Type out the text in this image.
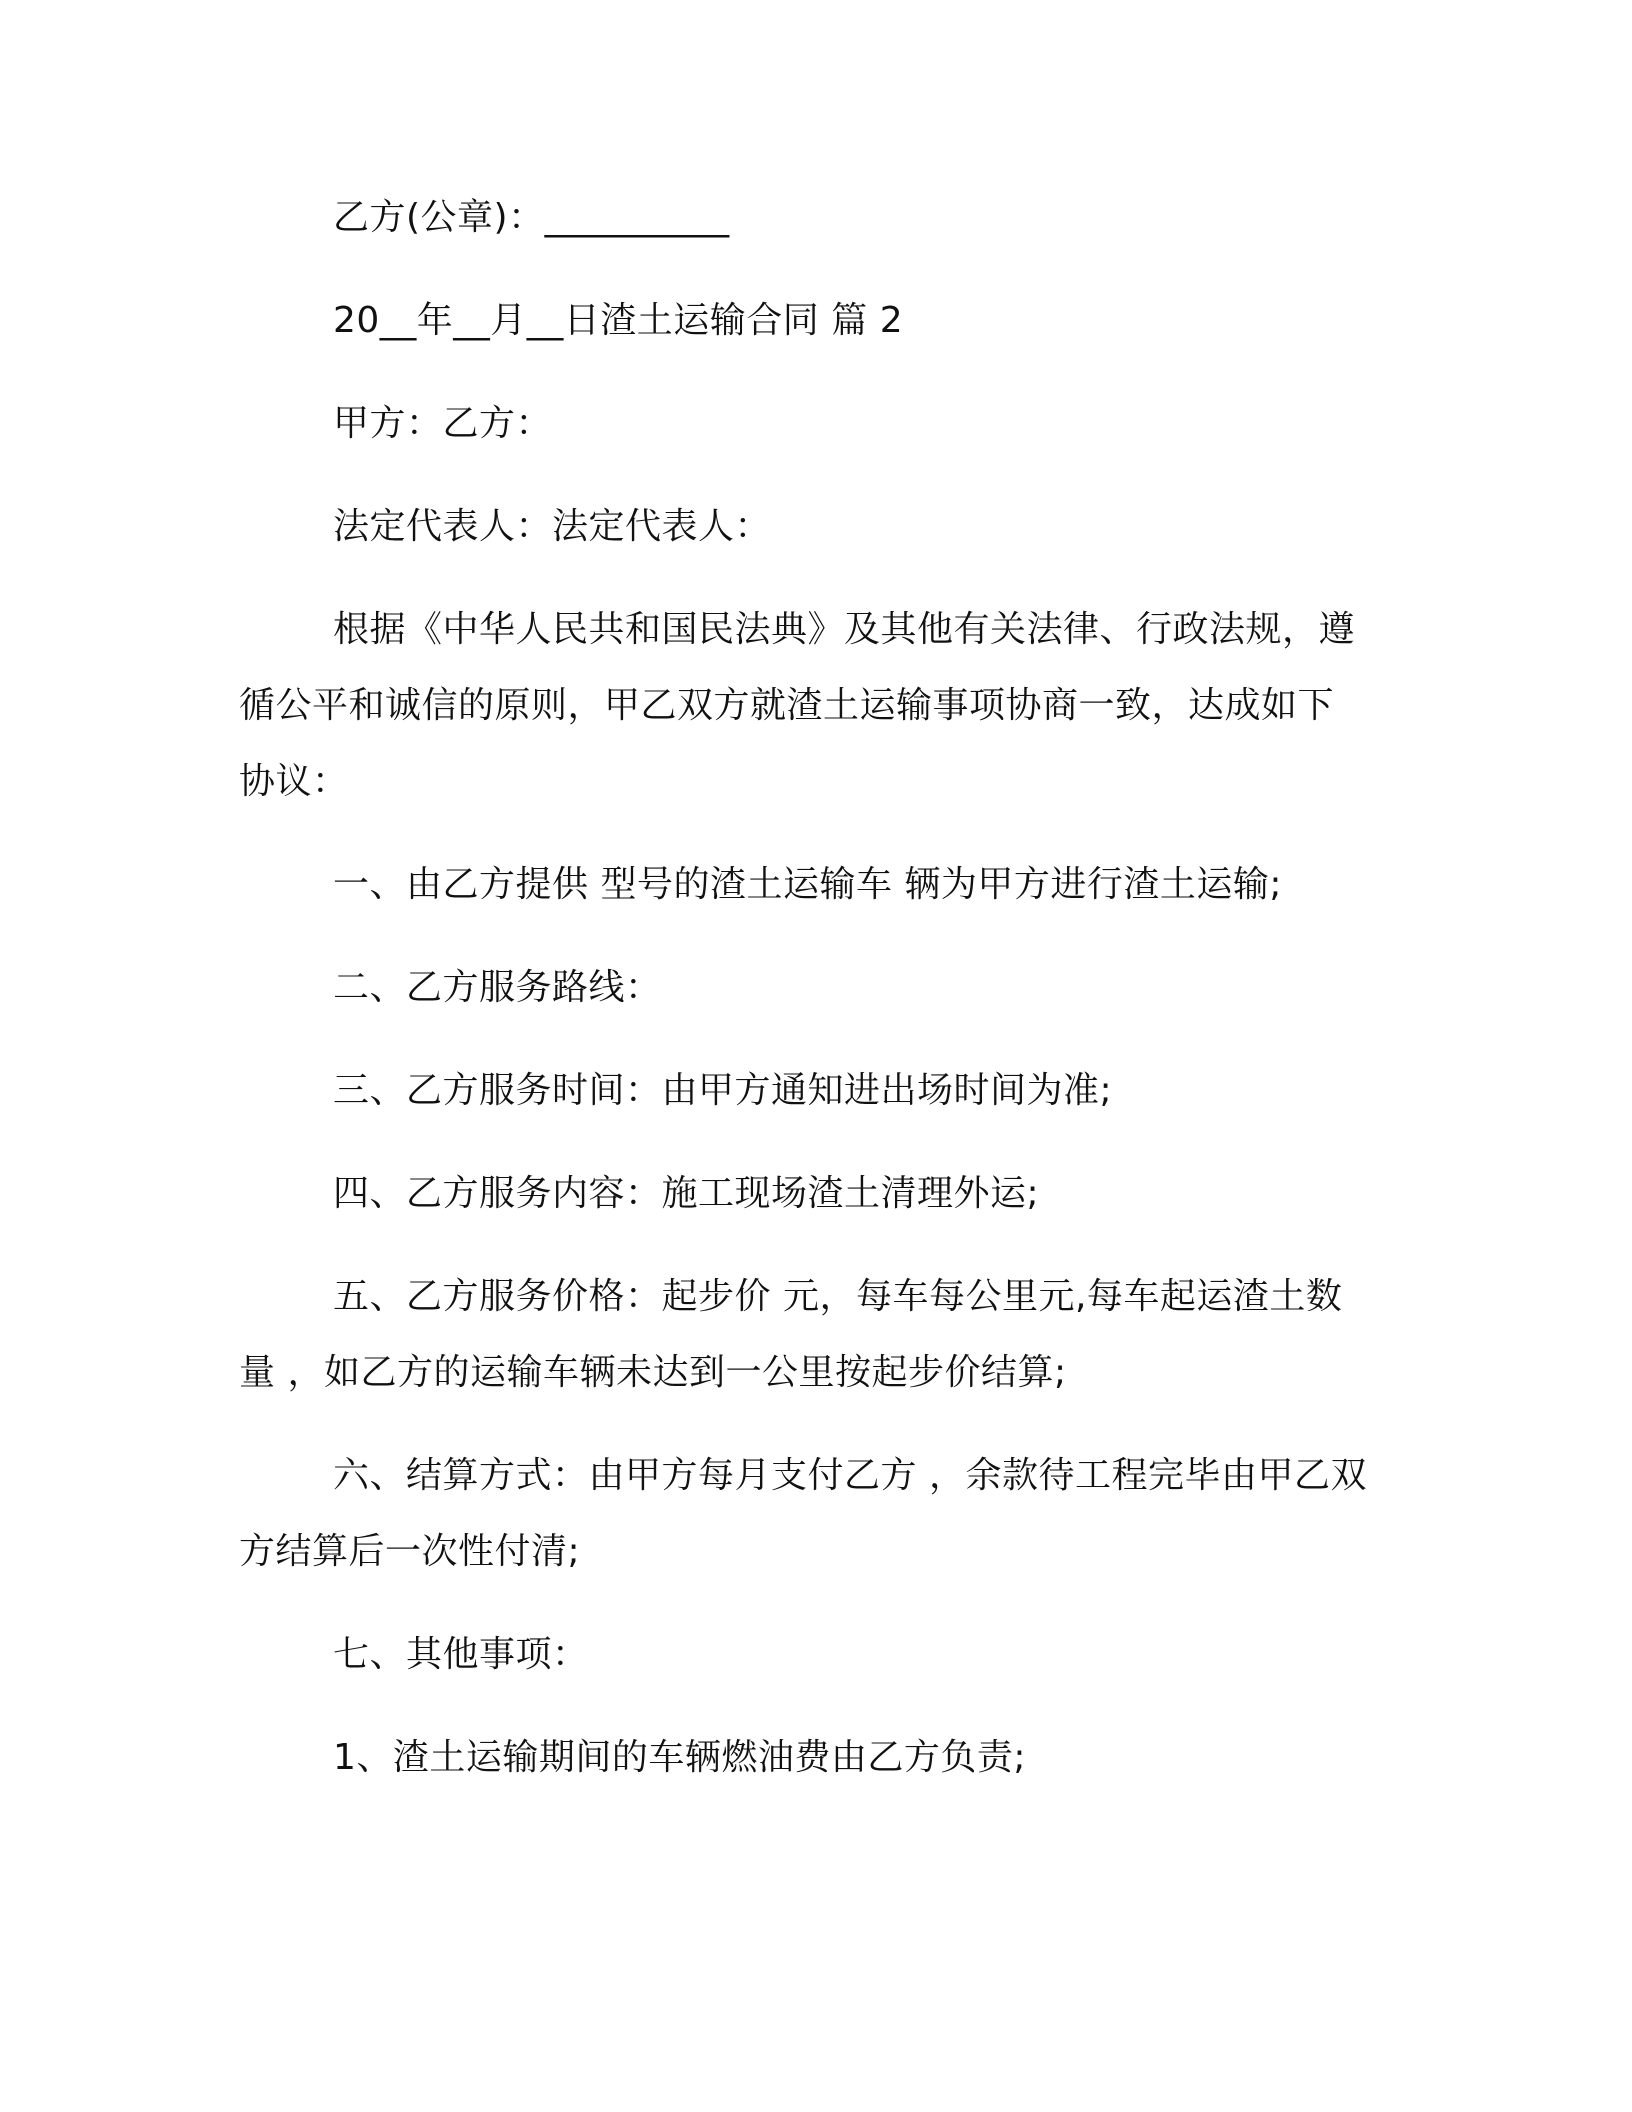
乙方(公章)：__________
20__年__月__日渣土运输合同 篇 2
甲方：乙方：
法定代表人：法定代表人：
根据《中华人民共和国民法典》及其他有关法律、行政法规，遵
循公平和诚信的原则，甲乙双方就渣土运输事项协商一致，达成如下
协议：
一、由乙方提供 型号的渣土运输车 辆为甲方进行渣土运输;
二、乙方服务路线：
三、乙方服务时间：由甲方通知进出场时间为准;
四、乙方服务内容：施工现场渣土清理外运;
五、乙方服务价格：起步价 元，每车每公里元,每车起运渣土数
量 ，如乙方的运输车辆未达到一公里按起步价结算;
六、结算方式：由甲方每月支付乙方 ，余款待工程完毕由甲乙双
方结算后一次性付清;
七、其他事项：
1、渣土运输期间的车辆燃油费由乙方负责;
